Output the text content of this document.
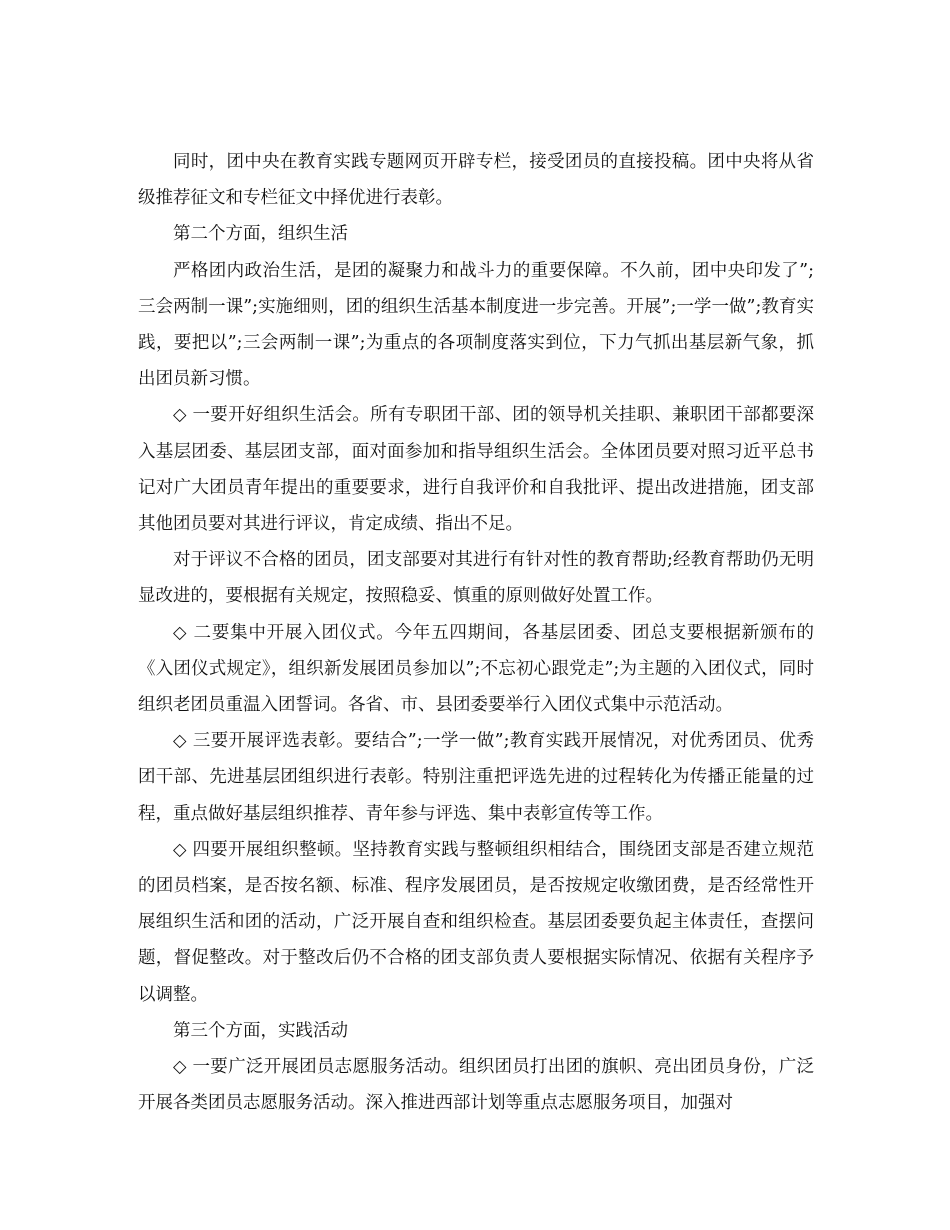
同时，团中央在教育实践专题网页开辟专栏，接受团员的直接投稿。团中央将从省级推荐征文和专栏征文中择优进行表彰。

第二个方面，组织生活

严格团内政治生活，是团的凝聚力和战斗力的重要保障。不久前，团中央印发了”;三会两制一课”;实施细则，团的组织生活基本制度进一步完善。开展”;一学一做”;教育实践，要把以”;三会两制一课”;为重点的各项制度落实到位，下力气抓出基层新气象，抓出团员新习惯。

◇ 一要开好组织生活会。所有专职团干部、团的领导机关挂职、兼职团干部都要深入基层团委、基层团支部，面对面参加和指导组织生活会。全体团员要对照习近平总书记对广大团员青年提出的重要要求，进行自我评价和自我批评、提出改进措施，团支部其他团员要对其进行评议，肯定成绩、指出不足。

对于评议不合格的团员，团支部要对其进行有针对性的教育帮助;经教育帮助仍无明显改进的，要根据有关规定，按照稳妥、慎重的原则做好处置工作。

◇ 二要集中开展入团仪式。今年五四期间，各基层团委、团总支要根据新颁布的《入团仪式规定》，组织新发展团员参加以”;不忘初心跟党走”;为主题的入团仪式，同时组织老团员重温入团誓词。各省、市、县团委要举行入团仪式集中示范活动。

◇ 三要开展评选表彰。要结合”;一学一做”;教育实践开展情况，对优秀团员、优秀团干部、先进基层团组织进行表彰。特别注重把评选先进的过程转化为传播正能量的过程，重点做好基层组织推荐、青年参与评选、集中表彰宣传等工作。

◇ 四要开展组织整顿。坚持教育实践与整顿组织相结合，围绕团支部是否建立规范的团员档案，是否按名额、标准、程序发展团员，是否按规定收缴团费，是否经常性开展组织生活和团的活动，广泛开展自查和组织检查。基层团委要负起主体责任，查摆问题，督促整改。对于整改后仍不合格的团支部负责人要根据实际情况、依据有关程序予以调整。

第三个方面，实践活动

◇ 一要广泛开展团员志愿服务活动。组织团员打出团的旗帜、亮出团员身份，广泛开展各类团员志愿服务活动。深入推进西部计划等重点志愿服务项目，加强对
